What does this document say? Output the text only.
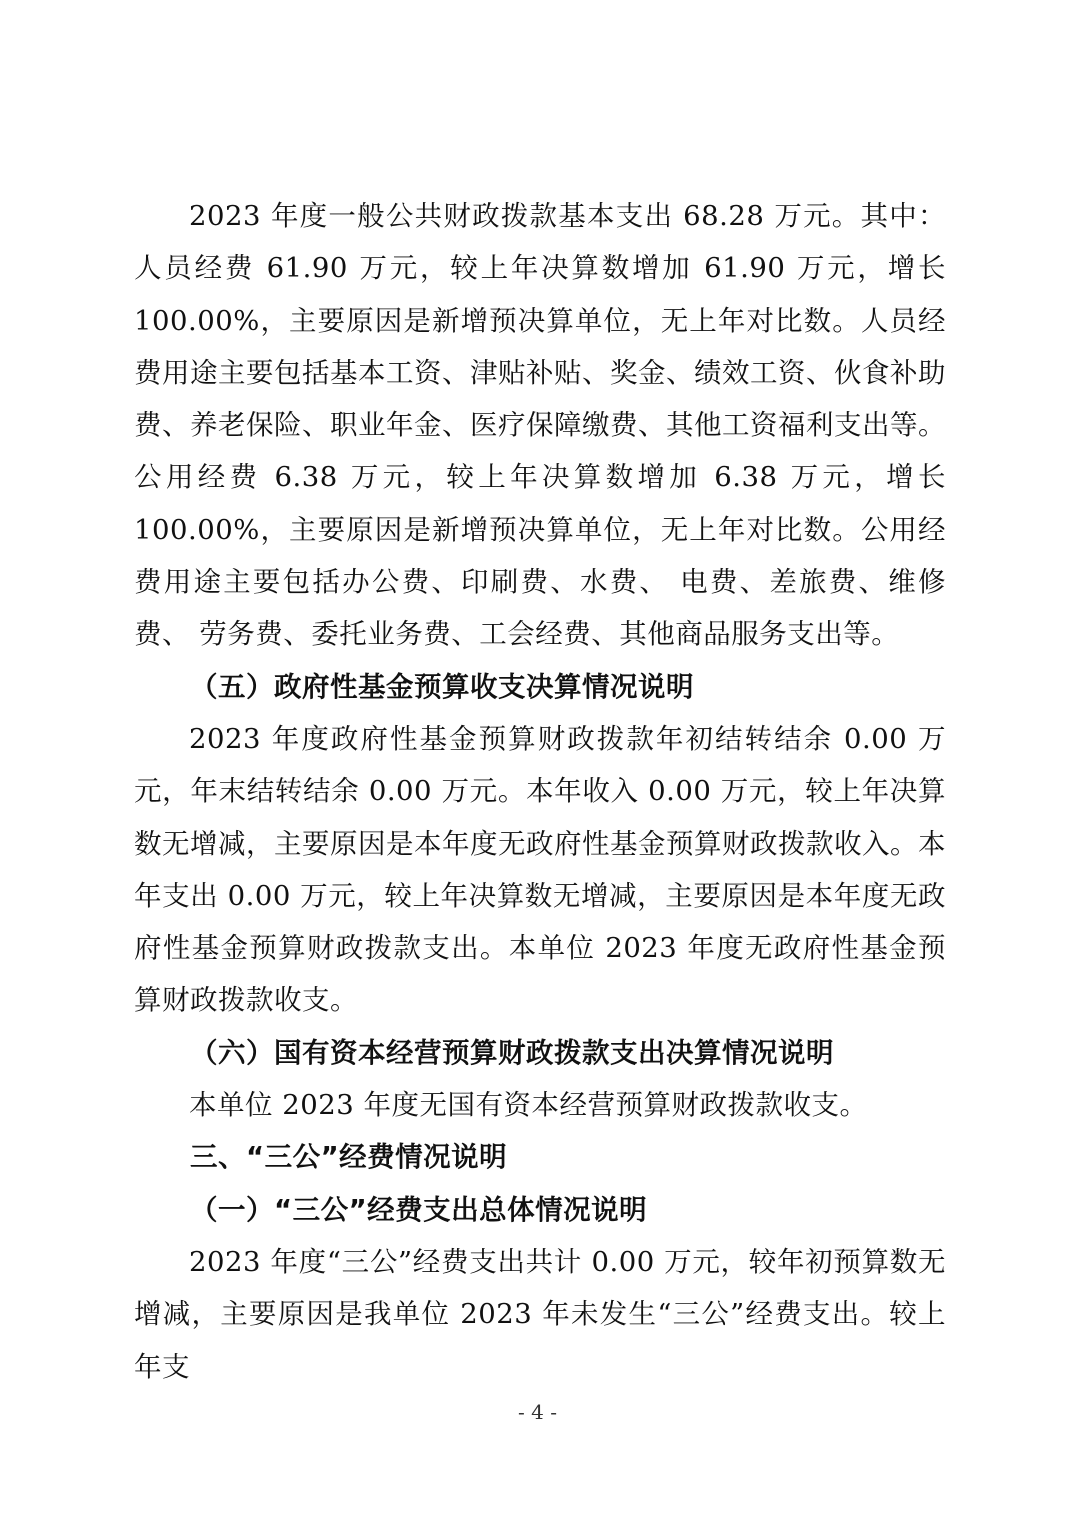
2023 年度一般公共财政拨款基本支出 68.28 万元。其中：人员经费 61.90 万元，较上年决算数增加 61.90 万元，增长 100.00%，主要原因是新增预决算单位，无上年对比数。人员经费用途主要包括基本工资、津贴补贴、奖金、绩效工资、伙食补助费、养老保险、职业年金、医疗保障缴费、其他工资福利支出等。公用经费 6.38 万元，较上年决算数增加 6.38 万元，增长 100.00%，主要原因是新增预决算单位，无上年对比数。公用经费用途主要包括办公费、印刷费、水费、 电费、差旅费、维修费、 劳务费、委托业务费、工会经费、其他商品服务支出等。

（五）政府性基金预算收支决算情况说明

2023 年度政府性基金预算财政拨款年初结转结余 0.00 万元，年末结转结余 0.00 万元。本年收入 0.00 万元，较上年决算数无增减，主要原因是本年度无政府性基金预算财政拨款收入。本年支出 0.00 万元，较上年决算数无增减，主要原因是本年度无政府性基金预算财政拨款支出。本单位 2023 年度无政府性基金预算财政拨款收支。

（六）国有资本经营预算财政拨款支出决算情况说明

本单位 2023 年度无国有资本经营预算财政拨款收支。

三、“三公”经费情况说明

（一）“三公”经费支出总体情况说明

2023 年度“三公”经费支出共计 0.00 万元，较年初预算数无增减，主要原因是我单位 2023 年未发生“三公”经费支出。较上年支

- 4 -
